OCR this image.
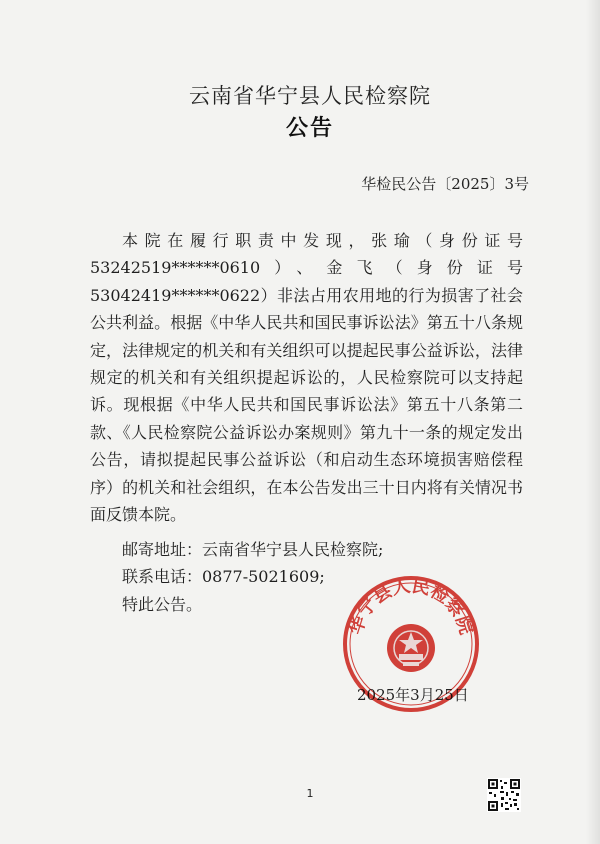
云南省华宁县人民检察院
公告
华检民公告〔2025〕3号

本院在履行职责中发现，张瑜（身份证号53242519******0610）、金飞（身份证号53042419******0622）非法占用农用地的行为损害了社会公共利益。根据《中华人民共和国民事诉讼法》第五十八条规定，法律规定的机关和有关组织可以提起民事公益诉讼，法律规定的机关和有关组织提起诉讼的，人民检察院可以支持起诉。现根据《中华人民共和国民事诉讼法》第五十八条第二款、《人民检察院公益诉讼办案规则》第九十一条的规定发出公告，请拟提起民事公益诉讼（和启动生态环境损害赔偿程序）的机关和社会组织，在本公告发出三十日内将有关情况书面反馈本院。

邮寄地址：云南省华宁县人民检察院;
联系电话：0877-5021609;
特此公告。
2025年3月25日
华宁县人民检察院
1
